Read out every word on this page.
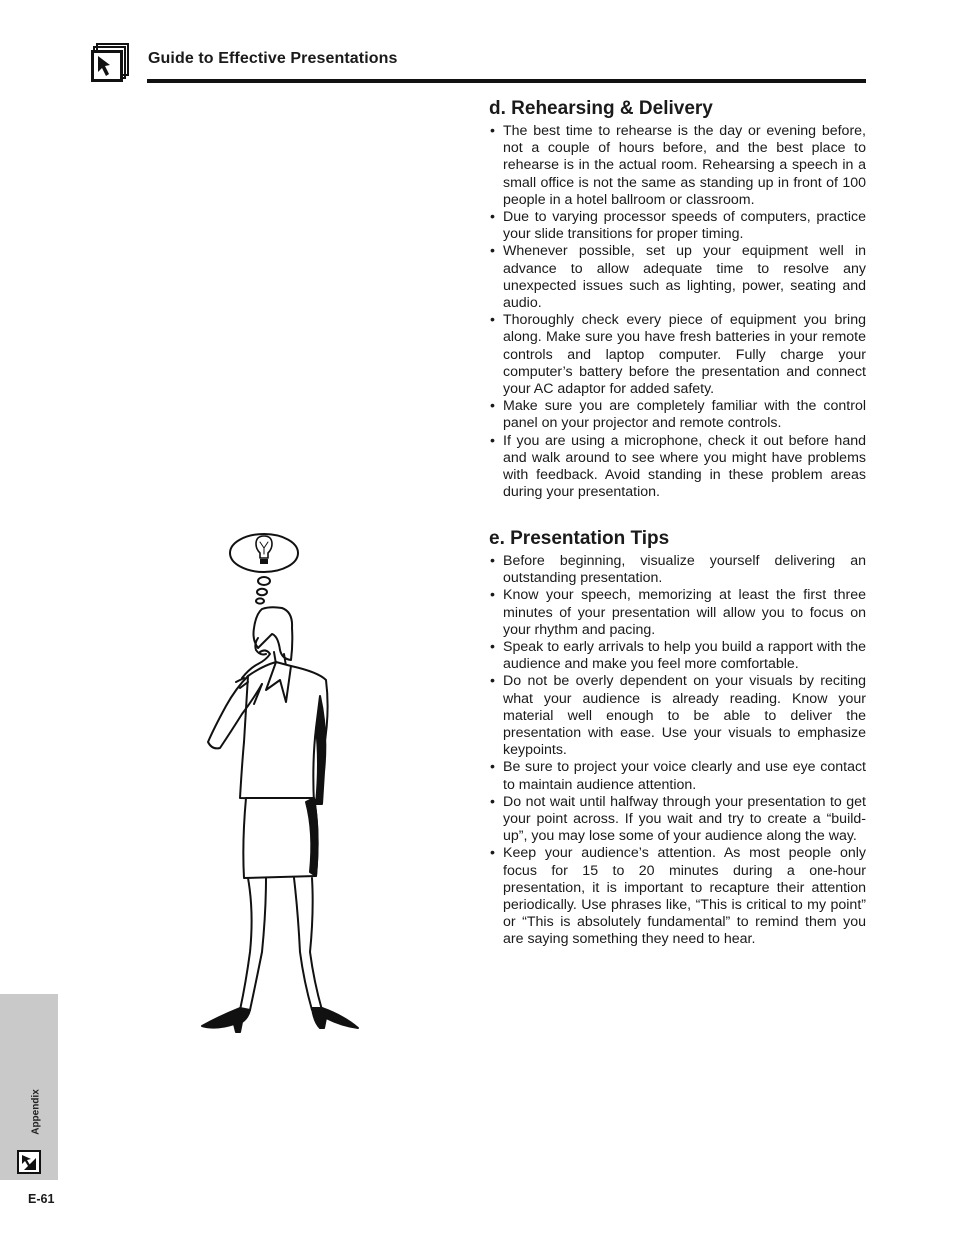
Guide to Effective Presentations
d. Rehearsing & Delivery
• The best time to rehearse is the day or evening before, not a couple of hours before, and the best place to rehearse is in the actual room. Rehearsing a speech in a small office is not the same as standing up in front of 100 people in a hotel ballroom or classroom.
• Due to varying processor speeds of computers, practice your slide transitions for proper timing.
• Whenever possible, set up your equipment well in advance to allow adequate time to resolve any unexpected issues such as lighting, power, seating and audio.
• Thoroughly check every piece of equipment you bring along. Make sure you have fresh batteries in your remote controls and laptop computer. Fully charge your computer’s battery before the presentation and connect your AC adaptor for added safety.
• Make sure you are completely familiar with the control panel on your projector and remote controls.
• If you are using a microphone, check it out before hand and walk around to see where you might have problems with feedback. Avoid standing in these problem areas during your presentation.
e. Presentation Tips
• Before beginning, visualize yourself delivering an outstanding presentation.
• Know your speech, memorizing at least the first three minutes of your presentation will allow you to focus on your rhythm and pacing.
• Speak to early arrivals to help you build a rapport with the audience and make you feel more comfortable.
• Do not be overly dependent on your visuals by reciting what your audience is already reading. Know your material well enough to be able to deliver the presentation with ease. Use your visuals to emphasize keypoints.
• Be sure to project your voice clearly and use eye contact to maintain audience attention.
• Do not wait until halfway through your presentation to get your point across. If you wait and try to create a “build-up”, you may lose some of your audience along the way.
• Keep your audience’s attention. As most people only focus for 15 to 20 minutes during a one-hour presentation, it is important to recapture their attention periodically. Use phrases like, “This is critical to my point” or “This is absolutely fundamental” to remind them you are saying something they need to hear.
Appendix
E-61
